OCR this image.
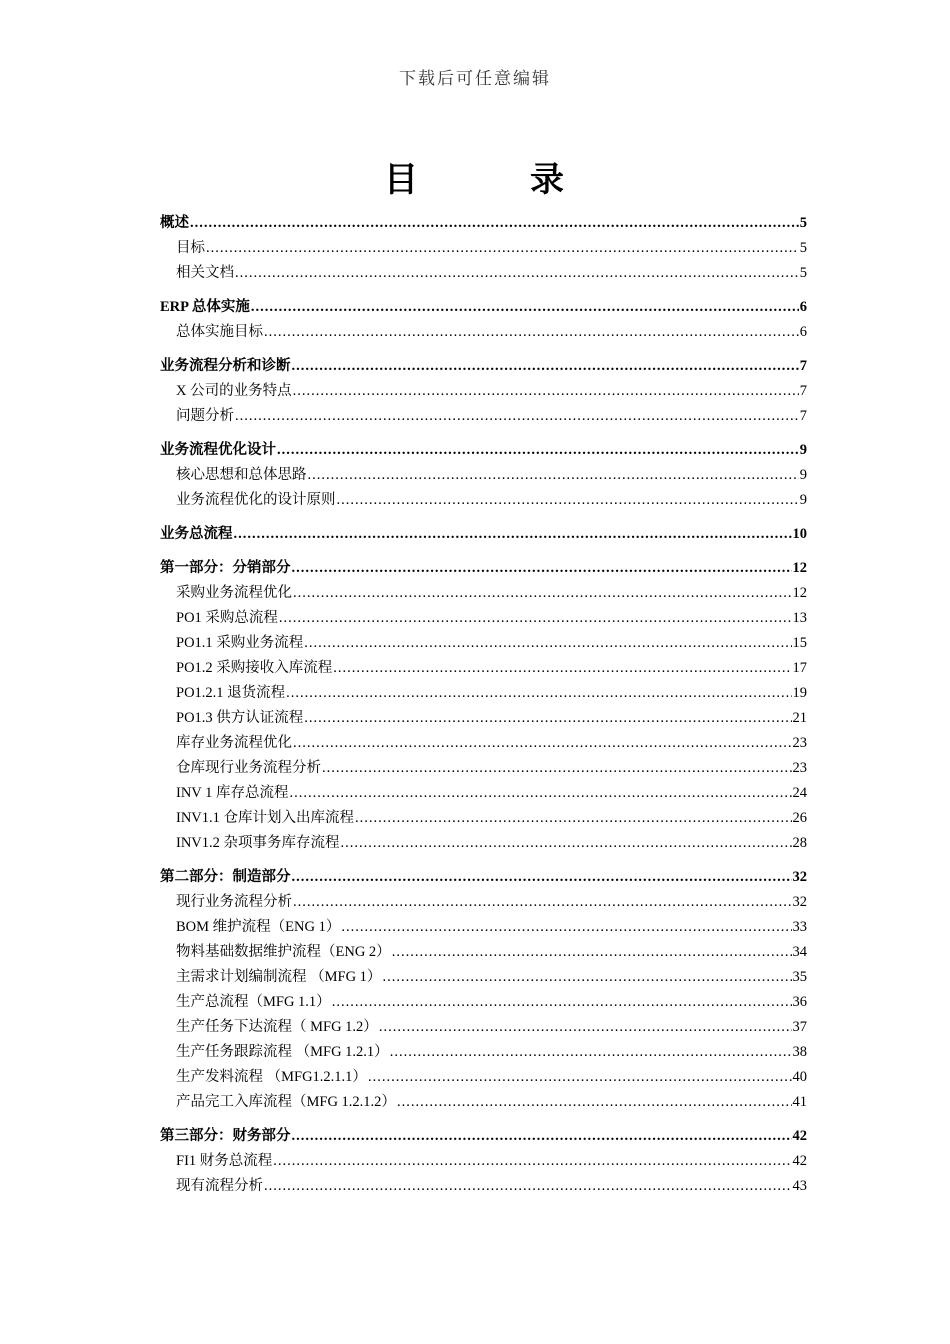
下载后可任意编辑
目	录
概述 .....	5
目标 .....	5
相关文档 .....	5
ERP 总体实施 .....	6
总体实施目标 .....	6
业务流程分析和诊断 .....	7
X 公司的业务特点 .....	7
问题分析 .....	7
业务流程优化设计 .....	9
核心思想和总体思路 .....	9
业务流程优化的设计原则 .....	9
业务总流程 .....	10
第一部分：分销部分 .....	12
采购业务流程优化 .....	12
PO1 采购总流程 .....	13
PO1.1 采购业务流程 .....	15
PO1.2 采购接收入库流程 .....	17
PO1.2.1 退货流程 .....	19
PO1.3 供方认证流程 .....	21
库存业务流程优化 .....	23
仓库现行业务流程分析 .....	23
INV 1 库存总流程 .....	24
INV1.1 仓库计划入出库流程 .....	26
INV1.2 杂项事务库存流程 .....	28
第二部分：制造部分 .....	32
现行业务流程分析 .....	32
BOM 维护流程（ENG 1） .....	33
物料基础数据维护流程（ENG 2） .....	34
主需求计划编制流程 （MFG 1） .....	35
生产总流程（MFG 1.1） .....	36
生产任务下达流程（ MFG 1.2） .....	37
生产任务跟踪流程 （MFG 1.2.1） .....	38
生产发料流程 （MFG1.2.1.1） .....	40
产品完工入库流程（MFG 1.2.1.2） .....	41
第三部分：财务部分 .....	42
FI1 财务总流程 .....	42
现有流程分析 .....	43
